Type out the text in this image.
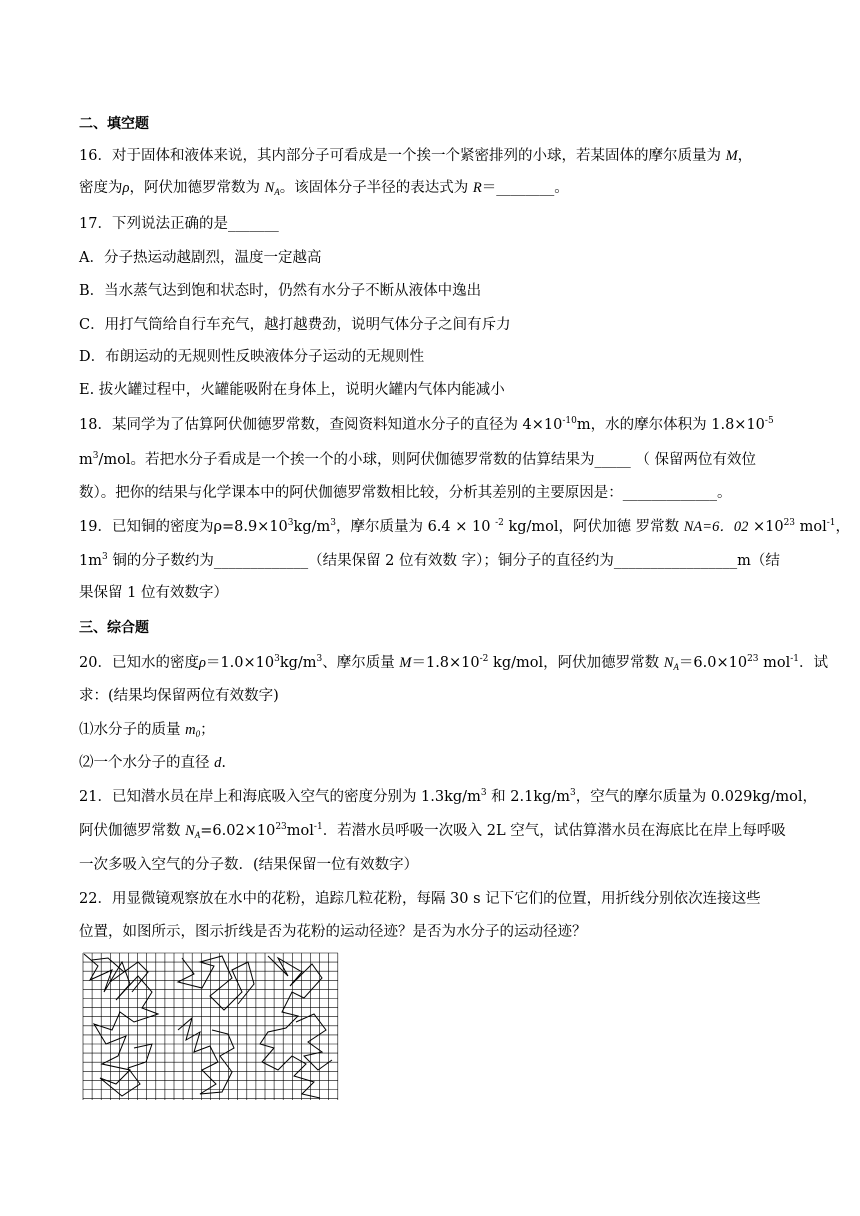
二、填空题
16．对于固体和液体来说，其内部分子可看成是一个挨一个紧密排列的小球，若某固体的摩尔质量为 M，
密度为ρ，阿伏加德罗常数为 $N_A$。该固体分子半径的表达式为 R＝________。
17．下列说法正确的是_______
A．分子热运动越剧烈，温度一定越高
B．当水蒸气达到饱和状态时，仍然有水分子不断从液体中逸出
C．用打气筒给自行车充气，越打越费劲，说明气体分子之间有斥力
D．布朗运动的无规则性反映液体分子运动的无规则性
E. 拔火罐过程中，火罐能吸附在身体上，说明火罐内气体内能减小
18．某同学为了估算阿伏伽德罗常数，查阅资料知道水分子的直径为 $4\times 10^{-10}m$，水的摩尔体积为 $1.8\times 10^{-5}$
$m^3$/mol。若把水分子看成是一个挨一个的小球，则阿伏伽德罗常数的估算结果为_____ （ 保留两位有效位
数）。把你的结果与化学课本中的阿伏伽德罗常数相比较，分析其差别的主要原因是：_____________。
19．已知铜的密度为$\rho=8.9\times 10^3kg/m^3$，摩尔质量为 6.4 × 10 $^{-2}$ kg/mol，阿伏加德 罗常数 NA=6．$02 \times 10^{23}$ mol$^{-1}$，
$1m^3$ 铜的分子数约为_____________（结果保留 2 位有效数 字）；铜分子的直径约为_________________m（结
果保留 1 位有效数字）
三、综合题
20．已知水的密度$\rho=1.0\times 10^3kg/m^3$、摩尔质量 $M=1.8\times 10^{-2}$ kg/mol，阿伏加德罗常数 $N_A=6.0\times 10^{23}$ mol$^{-1}$．试
求：(结果均保留两位有效数字)
⑴水分子的质量 $m_0$；
⑵一个水分子的直径 d.
21．已知潜水员在岸上和海底吸入空气的密度分别为 $1.3kg/m^3$ 和 $2.1kg/m^3$，空气的摩尔质量为 0.029kg/mol，
阿伏伽德罗常数 $N_A=6.02\times 10^{23}mol^{-1}$．若潜水员呼吸一次吸入 2L 空气，试估算潜水员在海底比在岸上每呼吸
一次多吸入空气的分子数．(结果保留一位有效数字）
22．用显微镜观察放在水中的花粉，追踪几粒花粉，每隔 30 s 记下它们的位置，用折线分别依次连接这些
位置，如图所示，图示折线是否为花粉的运动径迹？是否为水分子的运动径迹？
